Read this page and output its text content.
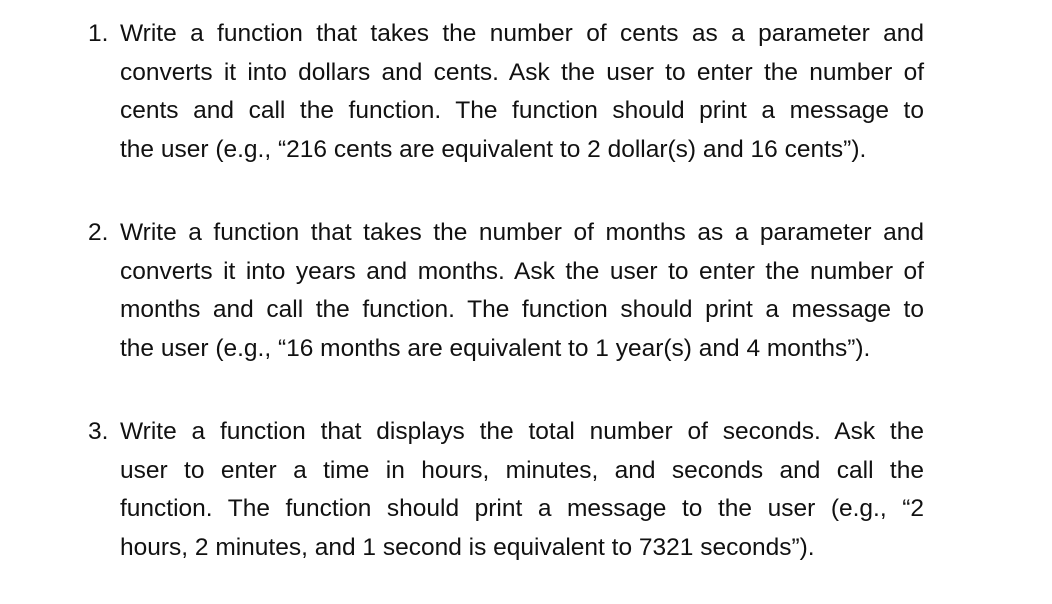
1. Write a function that takes the number of cents as a parameter and
converts it into dollars and cents. Ask the user to enter the number of
cents and call the function. The function should print a message to
the user (e.g., “216 cents are equivalent to 2 dollar(s) and 16 cents”).
2. Write a function that takes the number of months as a parameter and
converts it into years and months. Ask the user to enter the number of
months and call the function. The function should print a message to
the user (e.g., “16 months are equivalent to 1 year(s) and 4 months”).
3. Write a function that displays the total number of seconds. Ask the
user to enter a time in hours, minutes, and seconds and call the
function. The function should print a message to the user (e.g., “2
hours, 2 minutes, and 1 second is equivalent to 7321 seconds”).
